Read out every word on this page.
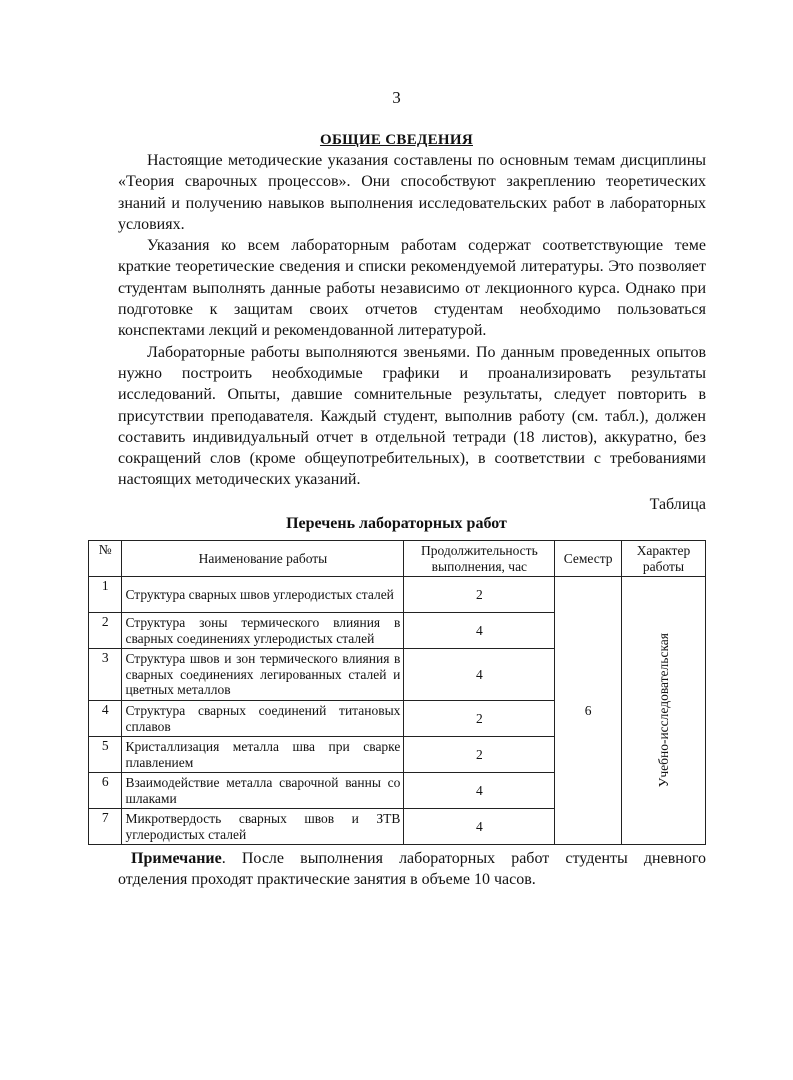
3
ОБЩИЕ СВЕДЕНИЯ

Настоящие методические указания составлены по основным темам дисциплины «Теория сварочных процессов». Они способствуют закреплению теоретических знаний и получению навыков выполнения исследовательских работ в лабораторных условиях.

Указания ко всем лабораторным работам содержат соответствующие теме краткие теоретические сведения и списки рекомендуемой литературы. Это позволяет студентам выполнять данные работы независимо от лекционного курса. Однако при подготовке к защитам своих отчетов студентам необходимо пользоваться конспектами лекций и рекомендованной литературой.

Лабораторные работы выполняются звеньями. По данным проведенных опытов нужно построить необходимые графики и проанализировать результаты исследований. Опыты, давшие сомнительные результаты, следует повторить в присутствии преподавателя. Каждый студент, выполнив работу (см. табл.), должен составить индивидуальный отчет в отдельной тетради (18 листов), аккуратно, без сокращений слов (кроме общеупотребительных), в соответствии с требованиями настоящих методических указаний.

Таблица
Перечень лабораторных работ
№	Наименование работы	Продолжительность выполнения, час	Семестр	Характер работы
1	Структура сварных швов углеродистых сталей	2	6	Учебно-исследовательская

2	Структура зоны термического влияния в сварных соединениях углеродистых сталей	4		
3	Структура швов и зон термического влияния в сварных соединениях легированных сталей и цветных металлов	4		
4	Структура сварных соединений титановых сплавов	2		
5	Кристаллизация металла шва при сварке плавлением	2		
6	Взаимодействие металла сварочной ванны со шлаками	4		
7	Микротвердость сварных швов и ЗТВ углеродистых сталей	4		
Примечание. После выполнения лабораторных работ студенты дневного отделения проходят практические занятия в объеме 10 часов.
